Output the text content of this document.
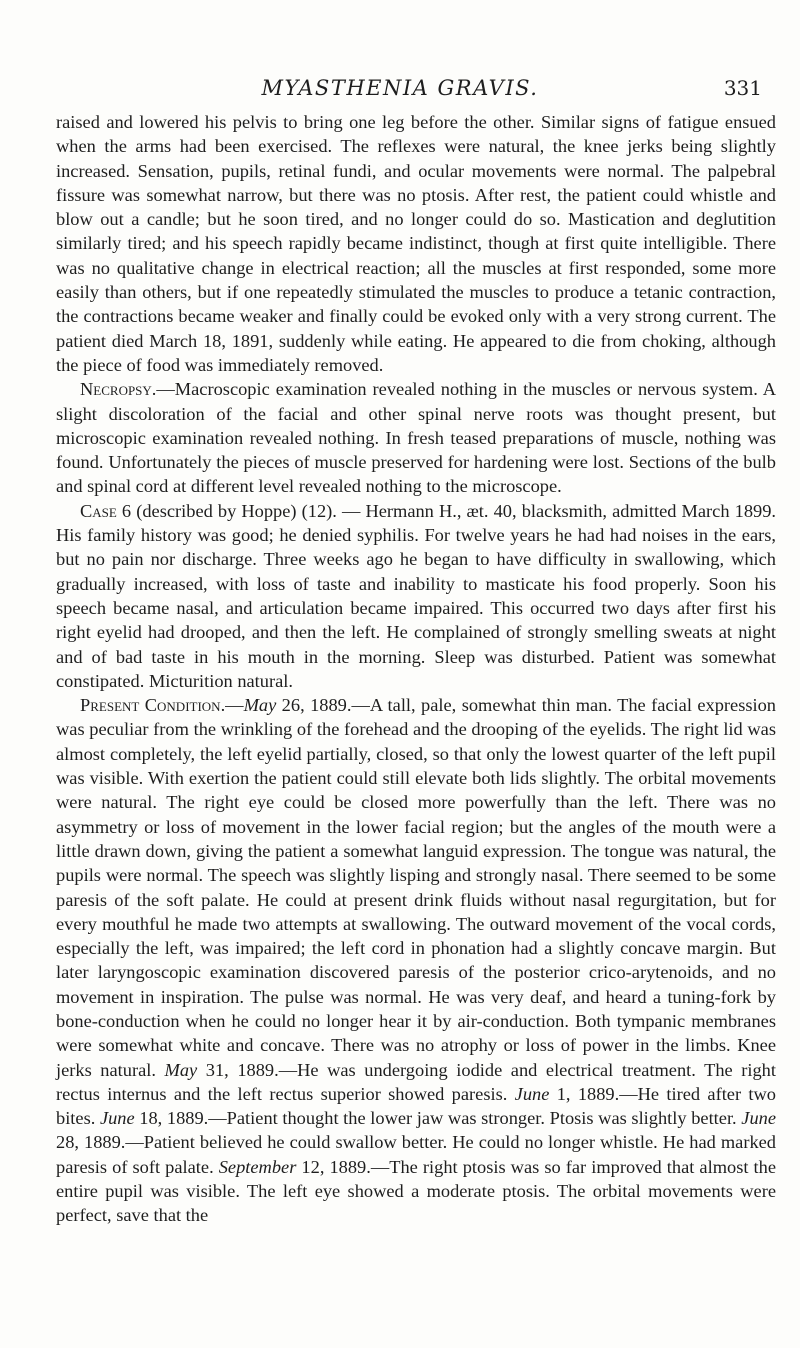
MYASTHENIA GRAVIS.	331

raised and lowered his pelvis to bring one leg before the other. Similar signs of fatigue ensued when the arms had been exercised. The reflexes were natural, the knee jerks being slightly increased. Sensation, pupils, retinal fundi, and ocular movements were normal. The palpebral fissure was somewhat narrow, but there was no ptosis. After rest, the patient could whistle and blow out a candle; but he soon tired, and no longer could do so. Mastication and deglutition similarly tired; and his speech rapidly became indistinct, though at first quite intelligible. There was no qualitative change in electrical reaction; all the muscles at first responded, some more easily than others, but if one repeatedly stimulated the muscles to produce a tetanic contraction, the contractions became weaker and finally could be evoked only with a very strong current. The patient died March 18, 1891, suddenly while eating. He appeared to die from choking, although the piece of food was immediately removed.

Necropsy.—Macroscopic examination revealed nothing in the muscles or nervous system. A slight discoloration of the facial and other spinal nerve roots was thought present, but microscopic examination revealed nothing. In fresh teased preparations of muscle, nothing was found. Unfortunately the pieces of muscle preserved for hardening were lost. Sections of the bulb and spinal cord at different level revealed nothing to the microscope.

Case 6 (described by Hoppe) (12). — Hermann H., æt. 40, blacksmith, admitted March 1899. His family history was good; he denied syphilis. For twelve years he had had noises in the ears, but no pain nor discharge. Three weeks ago he began to have difficulty in swallowing, which gradually increased, with loss of taste and inability to masticate his food properly. Soon his speech became nasal, and articulation became impaired. This occurred two days after first his right eyelid had drooped, and then the left. He complained of strongly smelling sweats at night and of bad taste in his mouth in the morning. Sleep was disturbed. Patient was somewhat constipated. Micturition natural.

Present Condition.—May 26, 1889.—A tall, pale, somewhat thin man. The facial expression was peculiar from the wrinkling of the forehead and the drooping of the eyelids. The right lid was almost completely, the left eyelid partially, closed, so that only the lowest quarter of the left pupil was visible. With exertion the patient could still elevate both lids slightly. The orbital movements were natural. The right eye could be closed more powerfully than the left. There was no asymmetry or loss of movement in the lower facial region; but the angles of the mouth were a little drawn down, giving the patient a somewhat languid expression. The tongue was natural, the pupils were normal. The speech was slightly lisping and strongly nasal. There seemed to be some paresis of the soft palate. He could at present drink fluids without nasal regurgitation, but for every mouthful he made two attempts at swallowing. The outward movement of the vocal cords, especially the left, was impaired; the left cord in phonation had a slightly concave margin. But later laryngoscopic examination discovered paresis of the posterior crico-arytenoids, and no movement in inspiration. The pulse was normal. He was very deaf, and heard a tuning-fork by bone-conduction when he could no longer hear it by air-conduction. Both tympanic membranes were somewhat white and concave. There was no atrophy or loss of power in the limbs. Knee jerks natural. May 31, 1889.—He was undergoing iodide and electrical treatment. The right rectus internus and the left rectus superior showed paresis. June 1, 1889.—He tired after two bites. June 18, 1889.—Patient thought the lower jaw was stronger. Ptosis was slightly better. June 28, 1889.—Patient believed he could swallow better. He could no longer whistle. He had marked paresis of soft palate. September 12, 1889.—The right ptosis was so far improved that almost the entire pupil was visible. The left eye showed a moderate ptosis. The orbital movements were perfect, save that the
